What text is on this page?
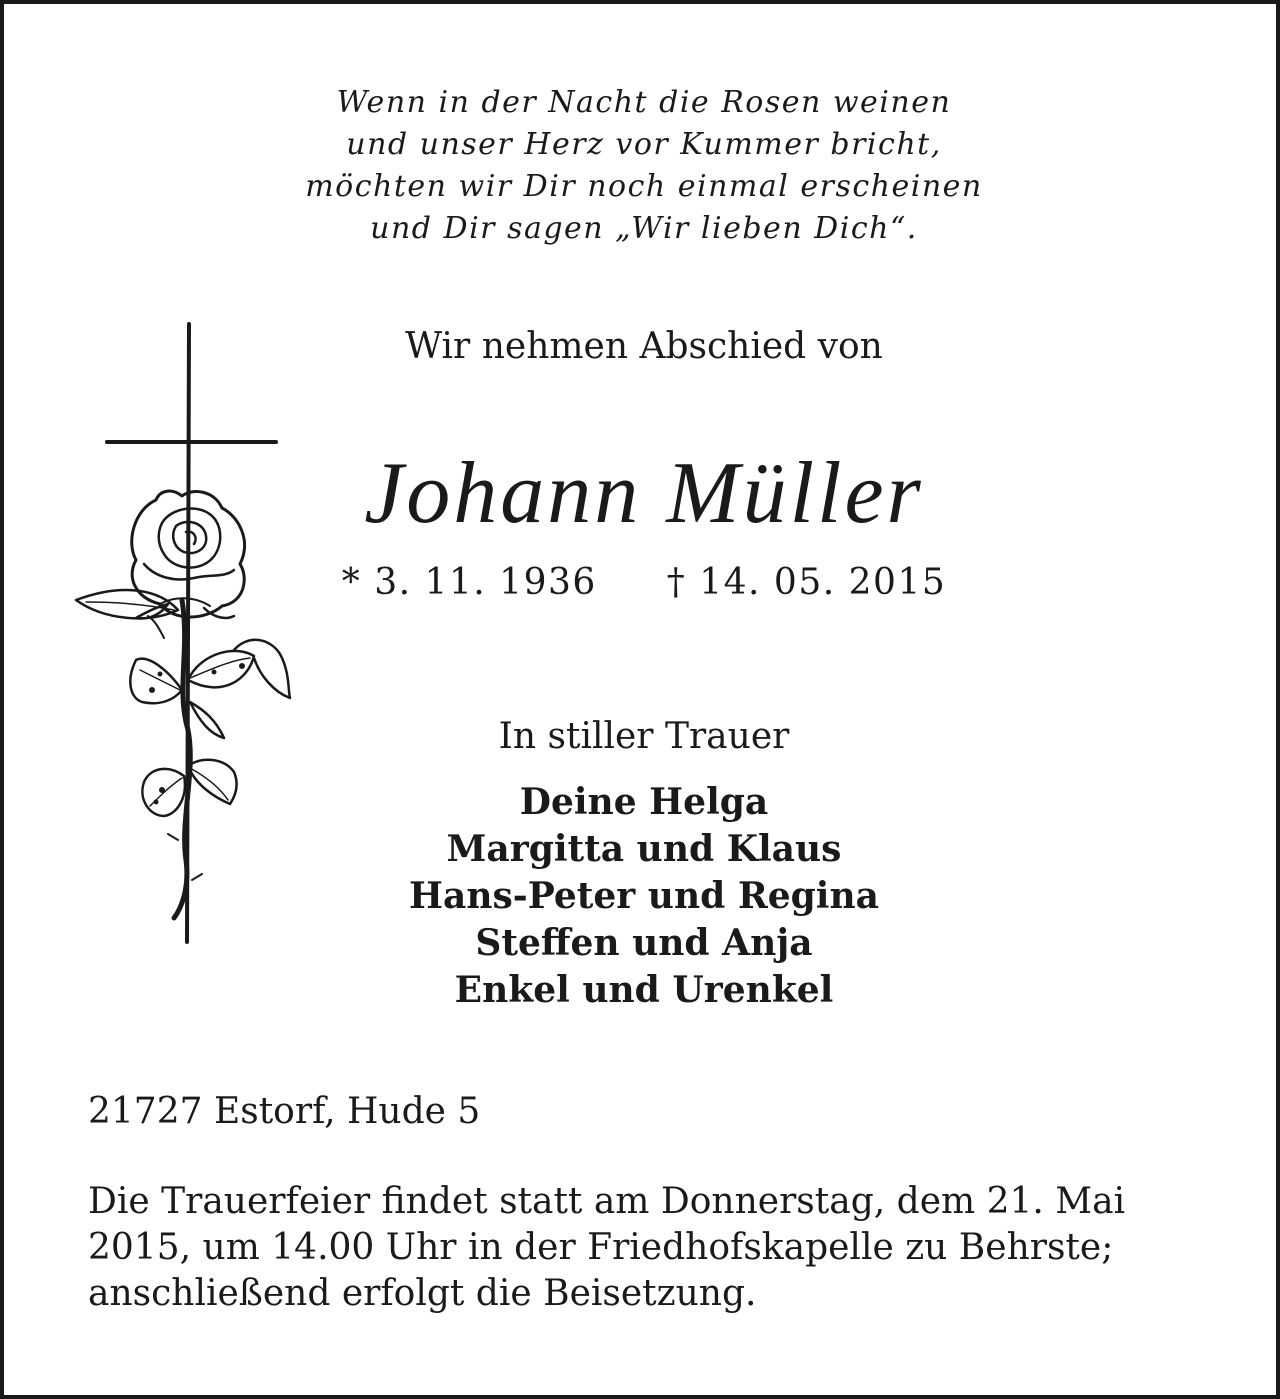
Wenn in der Nacht die Rosen weinen
und unser Herz vor Kummer bricht,
möchten wir Dir noch einmal erscheinen
und Dir sagen „Wir lieben Dich“.
Wir nehmen Abschied von
Johann Müller
* 3. 11. 1936 † 14. 05. 2015
In stiller Trauer
Deine Helga
Margitta und Klaus
Hans-Peter und Regina
Steffen und Anja
Enkel und Urenkel
21727 Estorf, Hude 5
Die Trauerfeier findet statt am Donnerstag, dem 21. Mai
2015, um 14.00 Uhr in der Friedhofskapelle zu Behrste;
anschließend erfolgt die Beisetzung.
